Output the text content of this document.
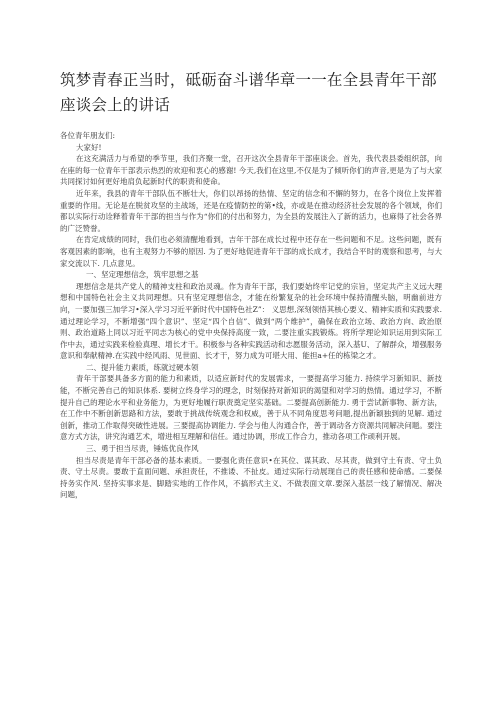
筑梦青春正当时，砥砺奋斗谱华章一一在全县青年干部座谈会上的讲话

各位青年朋友们:

大家好!

在这充满活力与希望的季节里，我们齐聚一堂，召开这次全县青年干部座谈会。首先，我代表县委组织部，向在座的每一位青年干部表示热烈的欢迎和衷心的感谢! 今天,我们在这里,不仅是为了倾听你们的声音,更是为了与大家共同探讨如何更好地肩负起新时代的职责和使命。

近年来，我县的青年干部队伍不断壮大，你们以昂扬的热情、坚定的信念和不懈的努力，在各个岗位上发挥着重要的作用。无论是在脱贫攻坚的主战场，还是在疫情防控的第•线，亦或是在推动经济社会发展的各个领域，你们都以实际行动诠释着青年干部的担当与作为“你们的付出和努力，为全县的发展注入了新的活力，也麻得了社会各界的广泛赞誉。

在肯定成绩的同时，我们也必须清醒地看到，吉年干部在成长过程中还存在一些问题和不足。这些问题，既有客观因素的影响，也有主观努力不够的原因. 为了更好地促进青年干部的成长成才，我结合平时的观察和思考，与大家交流以下. 几点意见。

一、坚定理想信念，筑牢思想之基

理想信念是共产党人的精神支柱和政治灵魂。作为青年干部，我们要始终牢记党的宗旨，坚定共产主义远大理想和中国特色社会主义共同理想。只有坚定理想信念，才能在纷繁复杂的社会环境中保持清醒头脑，明幽前进方向，一要加强三加学习•深入学习习近平新时代中国特色社Z”： 义思想,深刻领悟其核心要义、精神实质和实践要求. 通过理论学习，不断增强“四个意识”、坚定“四个自信”、做到“两个维护”，确保在政治立场、政治方向、政治原则、政治道路上同以习近平同志为核心的党中央保持高度一致，二要注重实践锻炼。将所学理论知识运用到实际工作中去，通过实践来检验真理、增长才干。积极参与各种实践活动和志愿服务活动，深入基U、了解群众，增强服务意识和奉献精神.在实践中经风雨、见世面、长才干，努力成为可堪大用、能担a+任的栋梁之才。

二、提升能力素质，练就过硬本领

青年干部要具备多方面的能力和素质，以适应新时代的发展需求，一要提高学习能力. 持续学习新知识、新技能，不断完善自己的知识体系. 要树立终身学习的理念，时刻保持对新知识的渴望和对学习的热情。通过学习，不断提升自己的理论水平和业务能力，为更好地履行职责奠定坚实基础。二要提高创新能力. 勇于尝试新事物、新方法，在工作中不断创新思路和方法，要敢于挑战传统观念和权威，善于从不同角度思考问题,提出新颖独到的见解. 通过创新，推动工作取得突破性进展。三要提高协调能力. 学会与他人沟通合作，善于调动各方资源共同解决问题。要注意方式方法，讲究沟通艺术，增进相互理解和信任。通过协调，形成工作合力，推动各项工作顽利开展。

三、勇于担当尽责，锤炼优良作风

担当尽责是青年干部必备的基本素质。一要强化责任意识•在其位、谋其政、尽其责，做到守土有责、守土负责、守土尽责。要敢于直面问题、承担责任，不推诿、不扯皮。通过实际行动展现自己的责任感和使命感。二要保持务实作风. 坚持实事求是、脚踏实地的工作作风，不搞形式主义、不做表面文章.要深入基层一线了解情况、解决问题，
